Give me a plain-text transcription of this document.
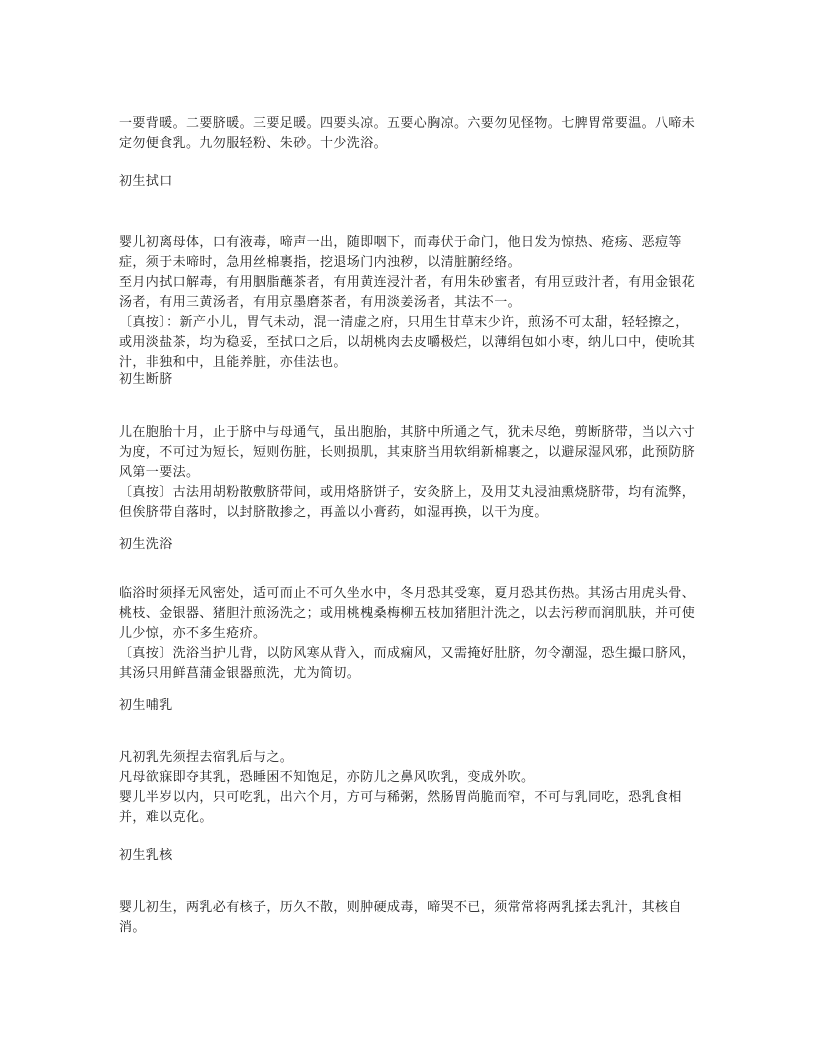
一要背暖。二要脐暖。三要足暖。四要头凉。五要心胸凉。六要勿见怪物。七脾胃常要温。八啼未定勿便食乳。九勿服轻粉、朱砂。十少洗浴。

初生拭口

婴儿初离母体，口有液毒，啼声一出，随即咽下，而毒伏于命门，他日发为惊热、疮疡、恶痘等症，须于未啼时，急用丝棉裹指，挖退场门内浊秽，以清脏腑经络。

至月内拭口解毒，有用胭脂蘸茶者，有用黄连浸汁者，有用朱砂蜜者，有用豆豉汁者，有用金银花汤者，有用三黄汤者，有用京墨磨茶者，有用淡姜汤者，其法不一。

〔真按〕：新产小儿，胃气未动，混一清虚之府，只用生甘草末少许，煎汤不可太甜，轻轻擦之，或用淡盐茶，均为稳妥，至拭口之后，以胡桃肉去皮嚼极烂，以薄绢包如小枣，纳儿口中，使吮其汁，非独和中，且能养脏，亦佳法也。

初生断脐

儿在胞胎十月，止于脐中与母通气，虽出胞胎，其脐中所通之气，犹未尽绝，剪断脐带，当以六寸为度，不可过为短长，短则伤脏，长则损肌，其束脐当用软绢新棉裹之，以避尿湿风邪，此预防脐风第一要法。

〔真按〕古法用胡粉散敷脐带间，或用烙脐饼子，安灸脐上，及用艾丸浸油熏烧脐带，均有流弊，但俟脐带自落时，以封脐散掺之，再盖以小膏药，如湿再换，以干为度。

初生洗浴

临浴时须择无风密处，适可而止不可久坐水中，冬月恐其受寒，夏月恐其伤热。其汤古用虎头骨、桃枝、金银器、猪胆汁煎汤洗之；或用桃槐桑梅柳五枝加猪胆汁洗之，以去污秽而润肌肤，并可使儿少惊，亦不多生疮疥。

〔真按〕洗浴当护儿背，以防风寒从背入，而成痫风，又需掩好肚脐，勿令潮湿，恐生撮口脐风，其汤只用鲜菖蒲金银器煎洗，尤为简切。

初生哺乳

凡初乳先须捏去宿乳后与之。

凡母欲寐即夺其乳，恐睡困不知饱足，亦防儿之鼻风吹乳，变成外吹。

婴儿半岁以内，只可吃乳，出六个月，方可与稀粥，然肠胃尚脆而窄，不可与乳同吃，恐乳食相并，难以克化。

初生乳核

婴儿初生，两乳必有核子，历久不散，则肿硬成毒，啼哭不已，须常常将两乳揉去乳汁，其核自消。
